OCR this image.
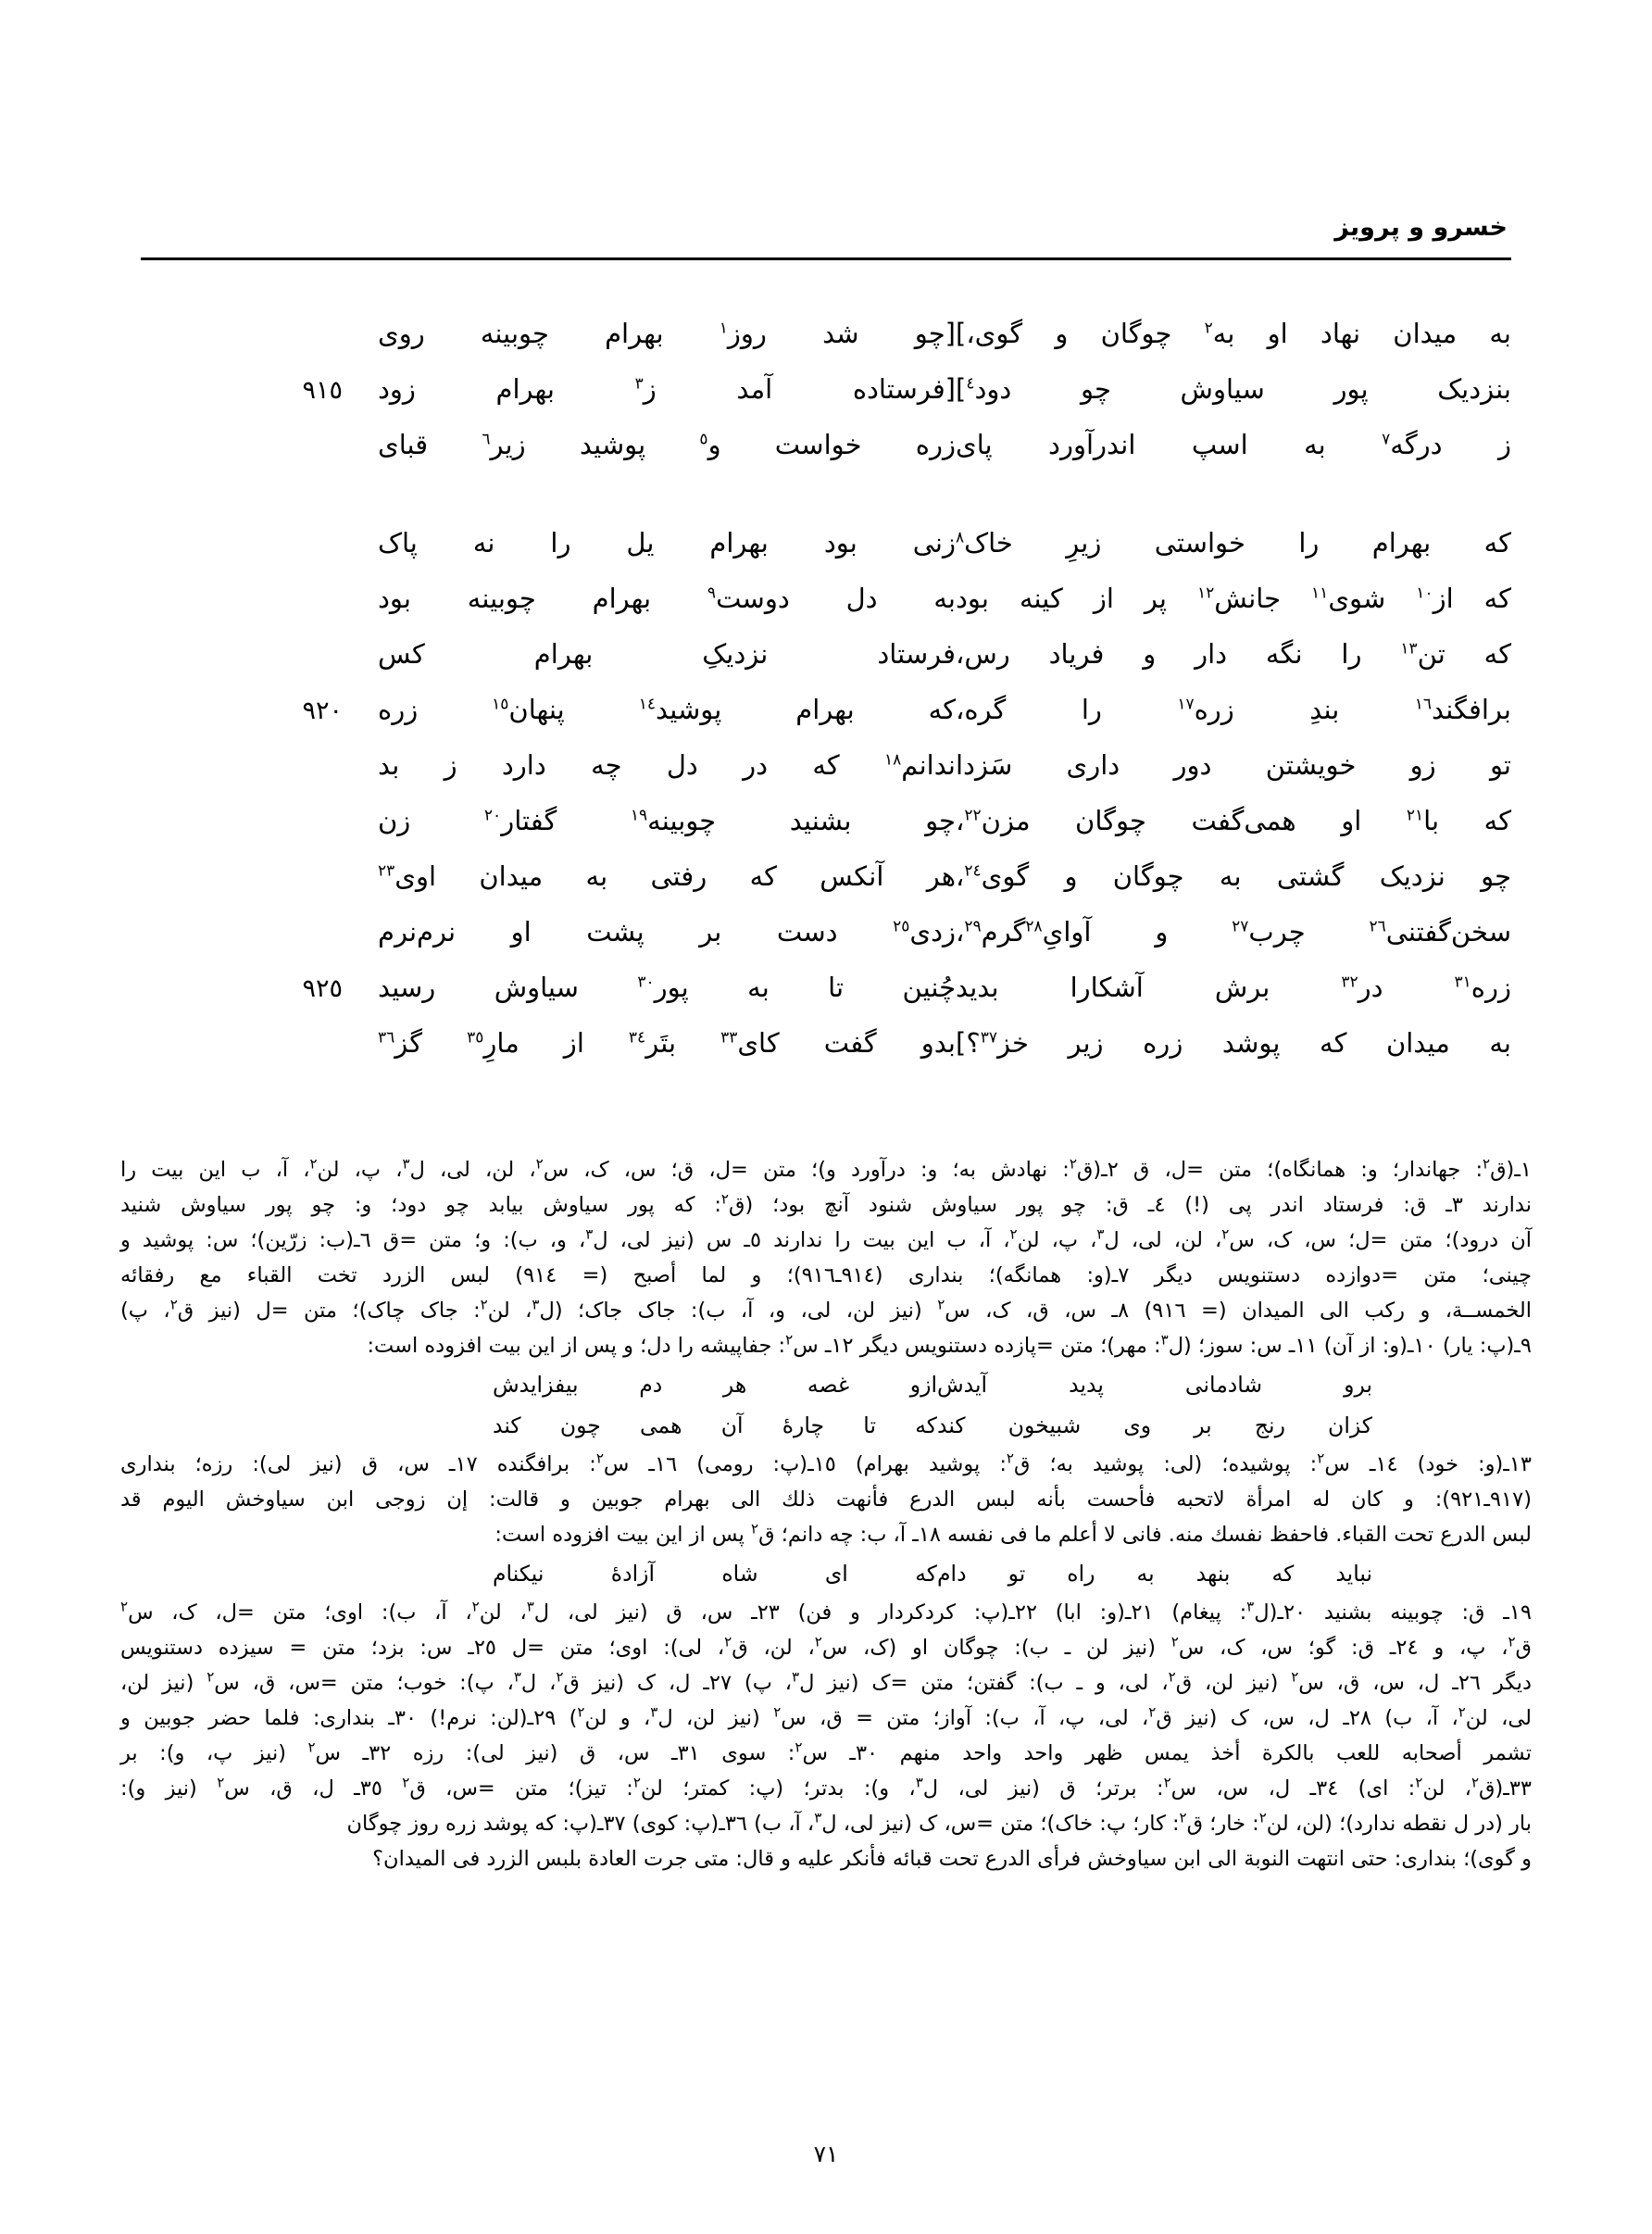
خسرو و پرویز
به میدان نهاد او به$^٢$ چوگان و گوی،]
[چو شد روز$^١$ بهرام چوبینه روی
بنزدیک پور سیاوش چو دود$^٤$]
[فرستاده آمد ز$^٣$ بهرام زود
٩١٥
ز درگه$^٧$ به اسپ اندرآورد پای
زره خواست و$^٥$ پوشید زیر$^٦$ قبای
که بهرام را خواستی زیرِ خاک$^٨$
زنی بود بهرام یل را نه پاک
که از$^{١٠}$ شوی$^{١١}$ جانش$^{١٢}$ پر از کینه بود
به دل دوست$^٩$ بهرام چوبینه بود
که تن$^{١٣}$ را نگه دار و فریاد رس،
فرستاد نزدیکِ بهرام کس
برافگند$^{١٦}$ بندِ زره$^{١٧}$ را گره،
که بهرام پوشید$^{١٤}$ پنهان$^{١٥}$ زره
٩٢٠
تو زو خویشتن دور داری سَزدا
ندانم$^{١٨}$ که در دل چه دارد ز بد
که با$^{٢١}$ او همی‌گفت چوگان مزن$^{٢٢}$،
چو بشنید چوبینه$^{١٩}$ گفتار$^{٢٠}$ زن
چو نزدیک گشتی به چوگان و گوی$^{٢٤}$،
هر آنکس که رفتی به میدان اوی$^{٢٣}$
سخن‌گفتنی$^{٢٦}$ چرب$^{٢٧}$ و آوایِ$^{٢٨}$گرم$^{٢٩}$،
زدی$^{٢٥}$ دست بر پشت او نرم‌نرم
زره$^{٣١}$ در$^{٣٢}$ برش آشکارا بدید
چُنین تا به پور$^{٣٠}$ سیاوش رسید
٩٢٥
به میدان که پوشد زره زیر خز$^{٣٧}$؟]
بدو گفت کای$^{٣٣}$ بتَر$^{٣٤}$ از مارِ$^{٣٥}$ گز$^{٣٦}$
١ـ(ق$^٢$: جهاندار؛ و: همانگاه)؛ متن =ل، ق ٢ـ(ق$^٢$: نهادش به؛ و: درآورد و)؛ متن =ل، ق؛ س، ک، س$^٢$، لن، لی، ل$^٣$، پ، لن$^٢$، آ، ب این بیت را
ندارند ٣ـ ق: فرستاد اندر پی (!) ٤ـ ق: چو پور سیاوش شنود آنچ بود؛ (ق$^٢$: که پور سیاوش بیابد چو دود؛ و: چو پور سیاوش شنید
آن درود)؛ متن =ل؛ س، ک، س$^٢$، لن، لی، ل$^٣$، پ، لن$^٢$، آ، ب این بیت را ندارند ٥ـ س (نیز لی، ل$^٣$، و، ب): و؛ متن =ق ٦ـ(ب: زرّین)؛ س: پوشید و
چینی؛ متن =دوازده دستنویس دیگر ٧ـ(و: همانگه)؛ بنداری (٩١٤ـ٩١٦)؛ و لما أصبح (= ٩١٤) لبس الزرد تخت القباء مع رفقائه
الخمســة، و ركب الی المیدان (= ٩١٦) ٨ـ س، ق، ک، س$^٢$ (نیز لن، لی، و، آ، ب): جاک جاک؛ (ل$^٣$، لن$^٢$: جاک چاک)؛ متن =ل (نیز ق$^٢$، پ)
٩ـ(پ: یار) ١٠ـ(و: از آن) ١١ـ س: سوز؛ (ل$^٣$: مهر)؛ متن =پازده دستنویس دیگر ١٢ـ س$^٢$: جفاپیشه را دل؛ و پس از این بیت افزوده است:
برو شادمانی پدید آیدش
ازو غصه هر دم بیفزایدش
کزان رنج بر وی شبیخون کند
که تا چارهٔ آن همی چون کند
١٣ـ(و: خود) ١٤ـ س$^٢$: پوشیده؛ (لی: پوشید به؛ ق$^٢$: پوشید بهرام) ١٥ـ(پ: رومی) ١٦ـ س$^٢$: برافگنده ١٧ـ س، ق (نیز لی): رزه؛ بنداری
(٩١٧ـ٩٢١): و كان له امرأة لاتحبه فأحست بأنه لبس الدرع فأنهت ذلك الی بهرام جوبین و قالت: إن زوجی ابن سیاوخش الیوم قد
لبس الدرع تحت القباء. فاحفظ نفسك منه. فانی لا أعلم ما فی نفسه ١٨ـ آ، ب: چه دانم؛ ق$^٢$ پس از این بیت افزوده است:
نباید که بنهد به راه تو دام
که ای شاه آزادهٔ نیکنام
١٩ـ ق: چوبینه بشنید ٢٠ـ(ل$^٣$: پیغام) ٢١ـ(و: ابا) ٢٢ـ(پ: کردکردار و فن) ٢٣ـ س، ق (نیز لی، ل$^٣$، لن$^٢$، آ، ب): اوی؛ متن =ل، ک، س$^٢$
ق$^٢$، پ، و ٢٤ـ ق: گو؛ س، ک، س$^٢$ (نیز لن ـ ب): چوگان او (ک، س$^٢$، لن، ق$^٢$، لی): اوی؛ متن =ل ٢٥ـ س: بزد؛ متن = سیزده دستنویس
دیگر ٢٦ـ ل، س، ق، س$^٢$ (نیز لن، ق$^٢$، لی، و ـ ب): گفتن؛ متن =ک (نیز ل$^٣$، پ) ٢٧ـ ل، ک (نیز ق$^٢$، ل$^٣$، پ): خوب؛ متن =س، ق، س$^٢$ (نیز لن،
لی، لن$^٢$، آ، ب) ٢٨ـ ل، س، ک (نیز ق$^٢$، لی، پ، آ، ب): آواز؛ متن = ق، س$^٢$ (نیز لن، ل$^٣$، و لن$^٢$) ٢٩ـ(لن: نرم!) ٣٠ـ بنداری: فلما حضر جوبین و
تشمر أصحابه للعب بالكرة أخذ یمس ظهر واحد واحد منهم ٣٠ـ س$^٢$: سوی ٣١ـ س، ق (نیز لی): رزه ٣٢ـ س$^٢$ (نیز پ، و): بر
٣٣ـ(ق$^٢$، لن$^٢$: ای) ٣٤ـ ل، س، س$^٢$: برتر؛ ق (نیز لی، ل$^٣$، و): بدتر؛ (پ: کمتر؛ لن$^٢$: تیز)؛ متن =س، ق$^٢$ ٣٥ـ ل، ق، س$^٢$ (نیز و):
بار (در ل نقطه ندارد)؛ (لن، لن$^٢$: خار؛ ق$^٢$: کار؛ پ: خاک)؛ متن =س، ک (نیز لی، ل$^٣$، آ، ب) ٣٦ـ(پ: کوی) ٣٧ـ(پ: که پوشد زره روز چوگان
و گوی)؛ بنداری: حتی انتهت النوبة الی ابن سیاوخش فرأی الدرع تحت قبائه فأنكر علیه و قال: متی جرت العادة بلبس الزرد فی المیدان؟
٧١
